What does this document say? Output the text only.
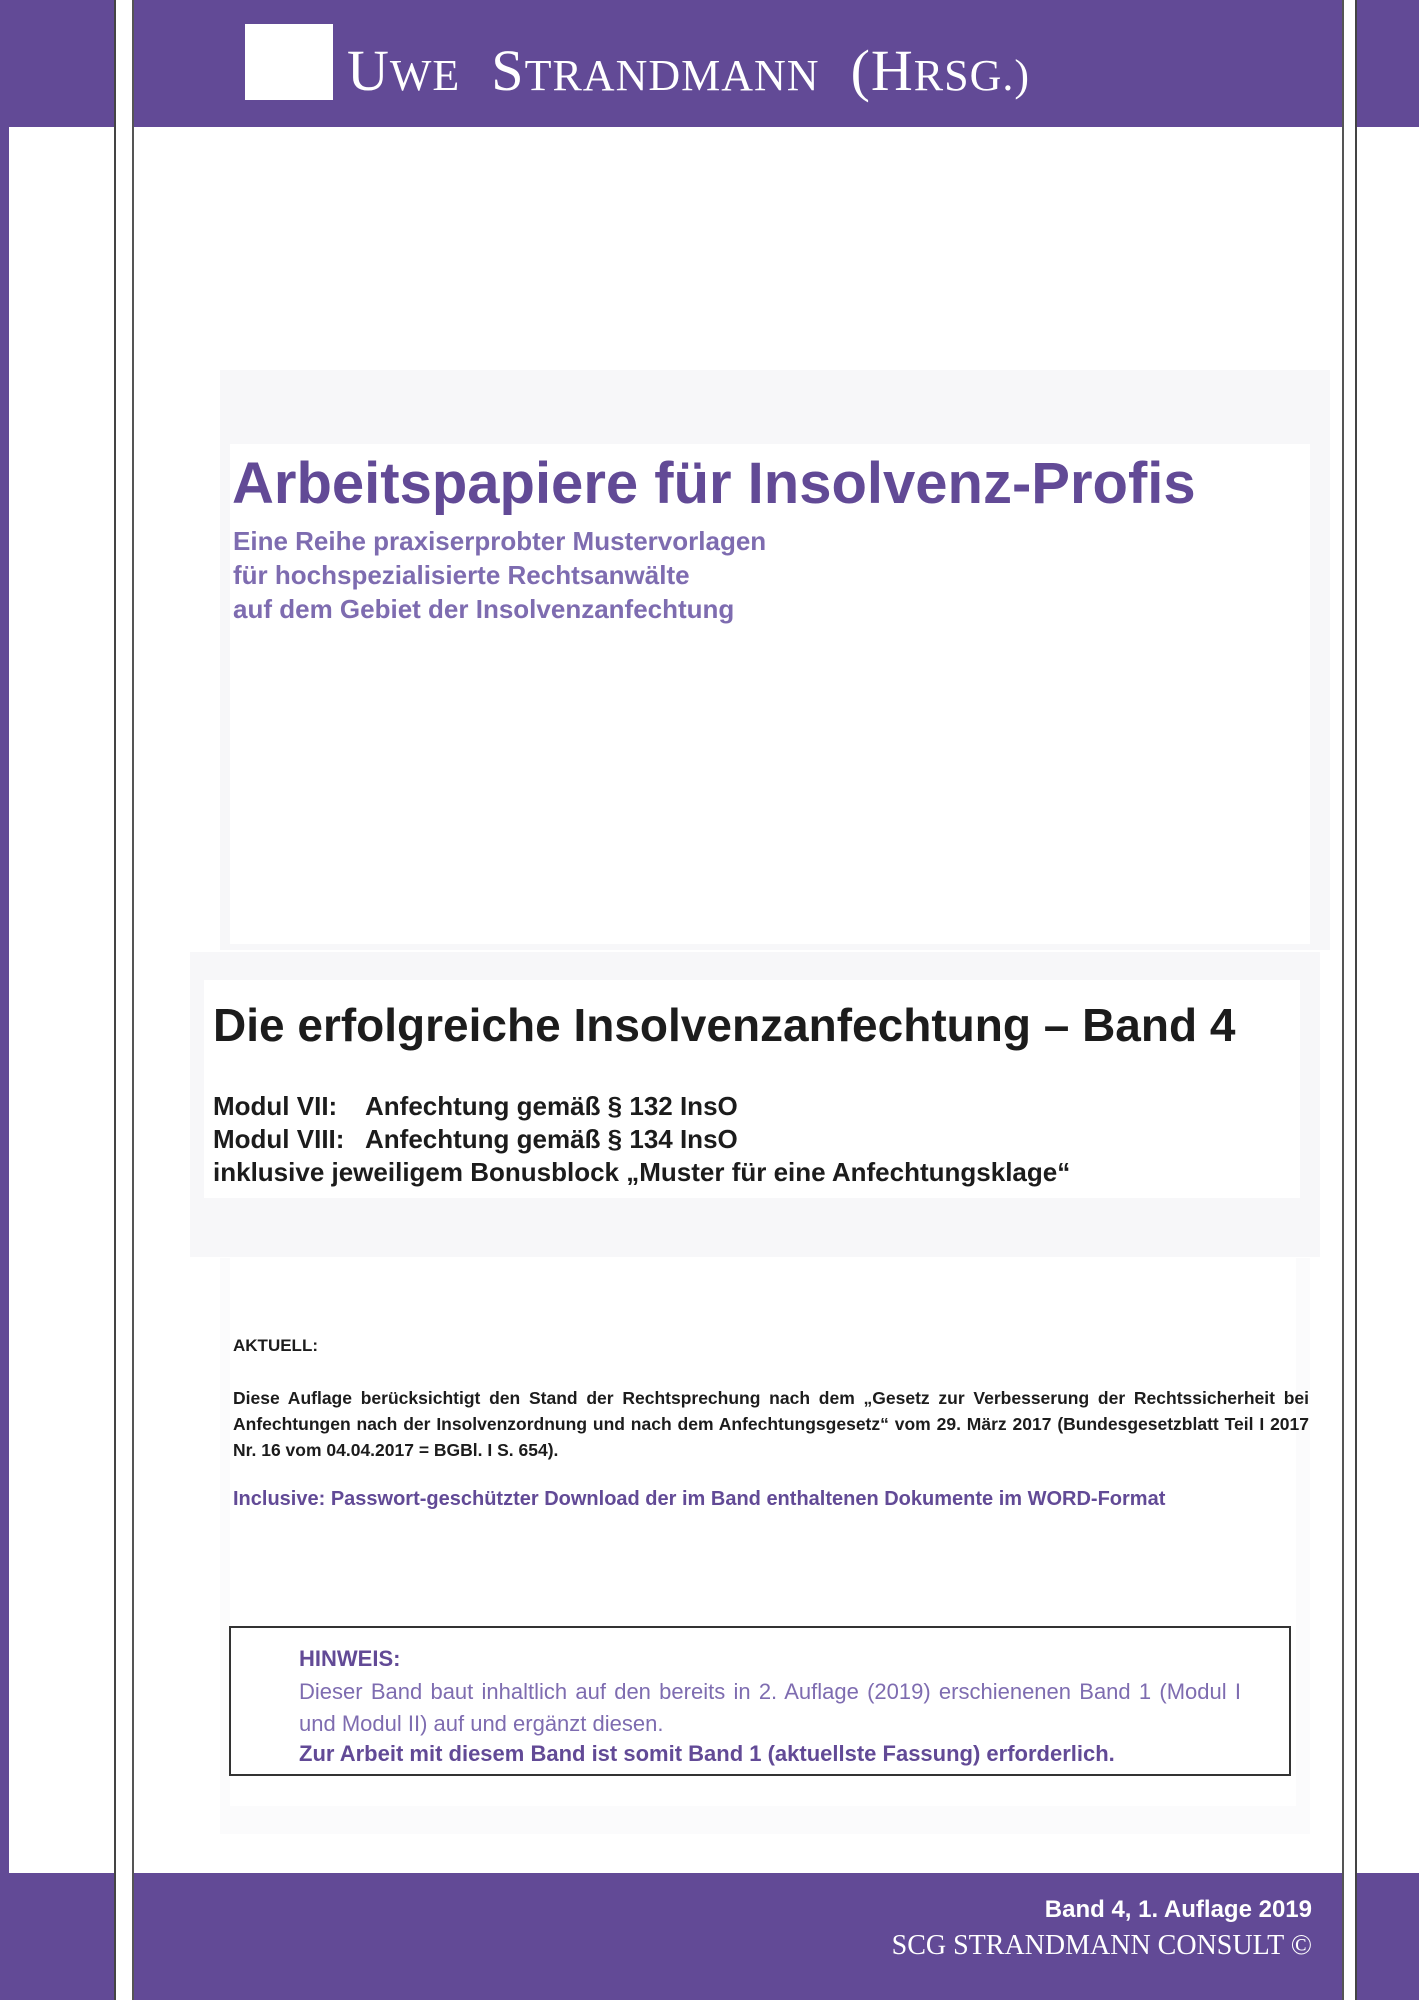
UWE STRANDMANN (HRSG.)
Arbeitspapiere für Insolvenz-Profis
Eine Reihe praxiserprobter Mustervorlagen
für hochspezialisierte Rechtsanwälte
auf dem Gebiet der Insolvenzanfechtung
Die erfolgreiche Insolvenzanfechtung – Band 4
Modul VII: Anfechtung gemäß § 132 InsO
Modul VIII: Anfechtung gemäß § 134 InsO
inklusive jeweiligem Bonusblock „Muster für eine Anfechtungsklage“
AKTUELL:
Diese Auflage berücksichtigt den Stand der Rechtsprechung nach dem „Gesetz zur Verbesserung der Rechtssicherheit bei Anfechtungen nach der Insolvenzordnung und nach dem Anfechtungsgesetz“ vom 29. März 2017 (Bundesgesetzblatt Teil I 2017 Nr. 16 vom 04.04.2017 = BGBl. I S. 654).
Inclusive: Passwort-geschützter Download der im Band enthaltenen Dokumente im WORD-Format
HINWEIS:
Dieser Band baut inhaltlich auf den bereits in 2. Auflage (2019) erschienenen Band 1 (Modul I und Modul II) auf und ergänzt diesen.
Zur Arbeit mit diesem Band ist somit Band 1 (aktuellste Fassung) erforderlich.
Band 4, 1. Auflage 2019
SCG STRANDMANN CONSULT ©
